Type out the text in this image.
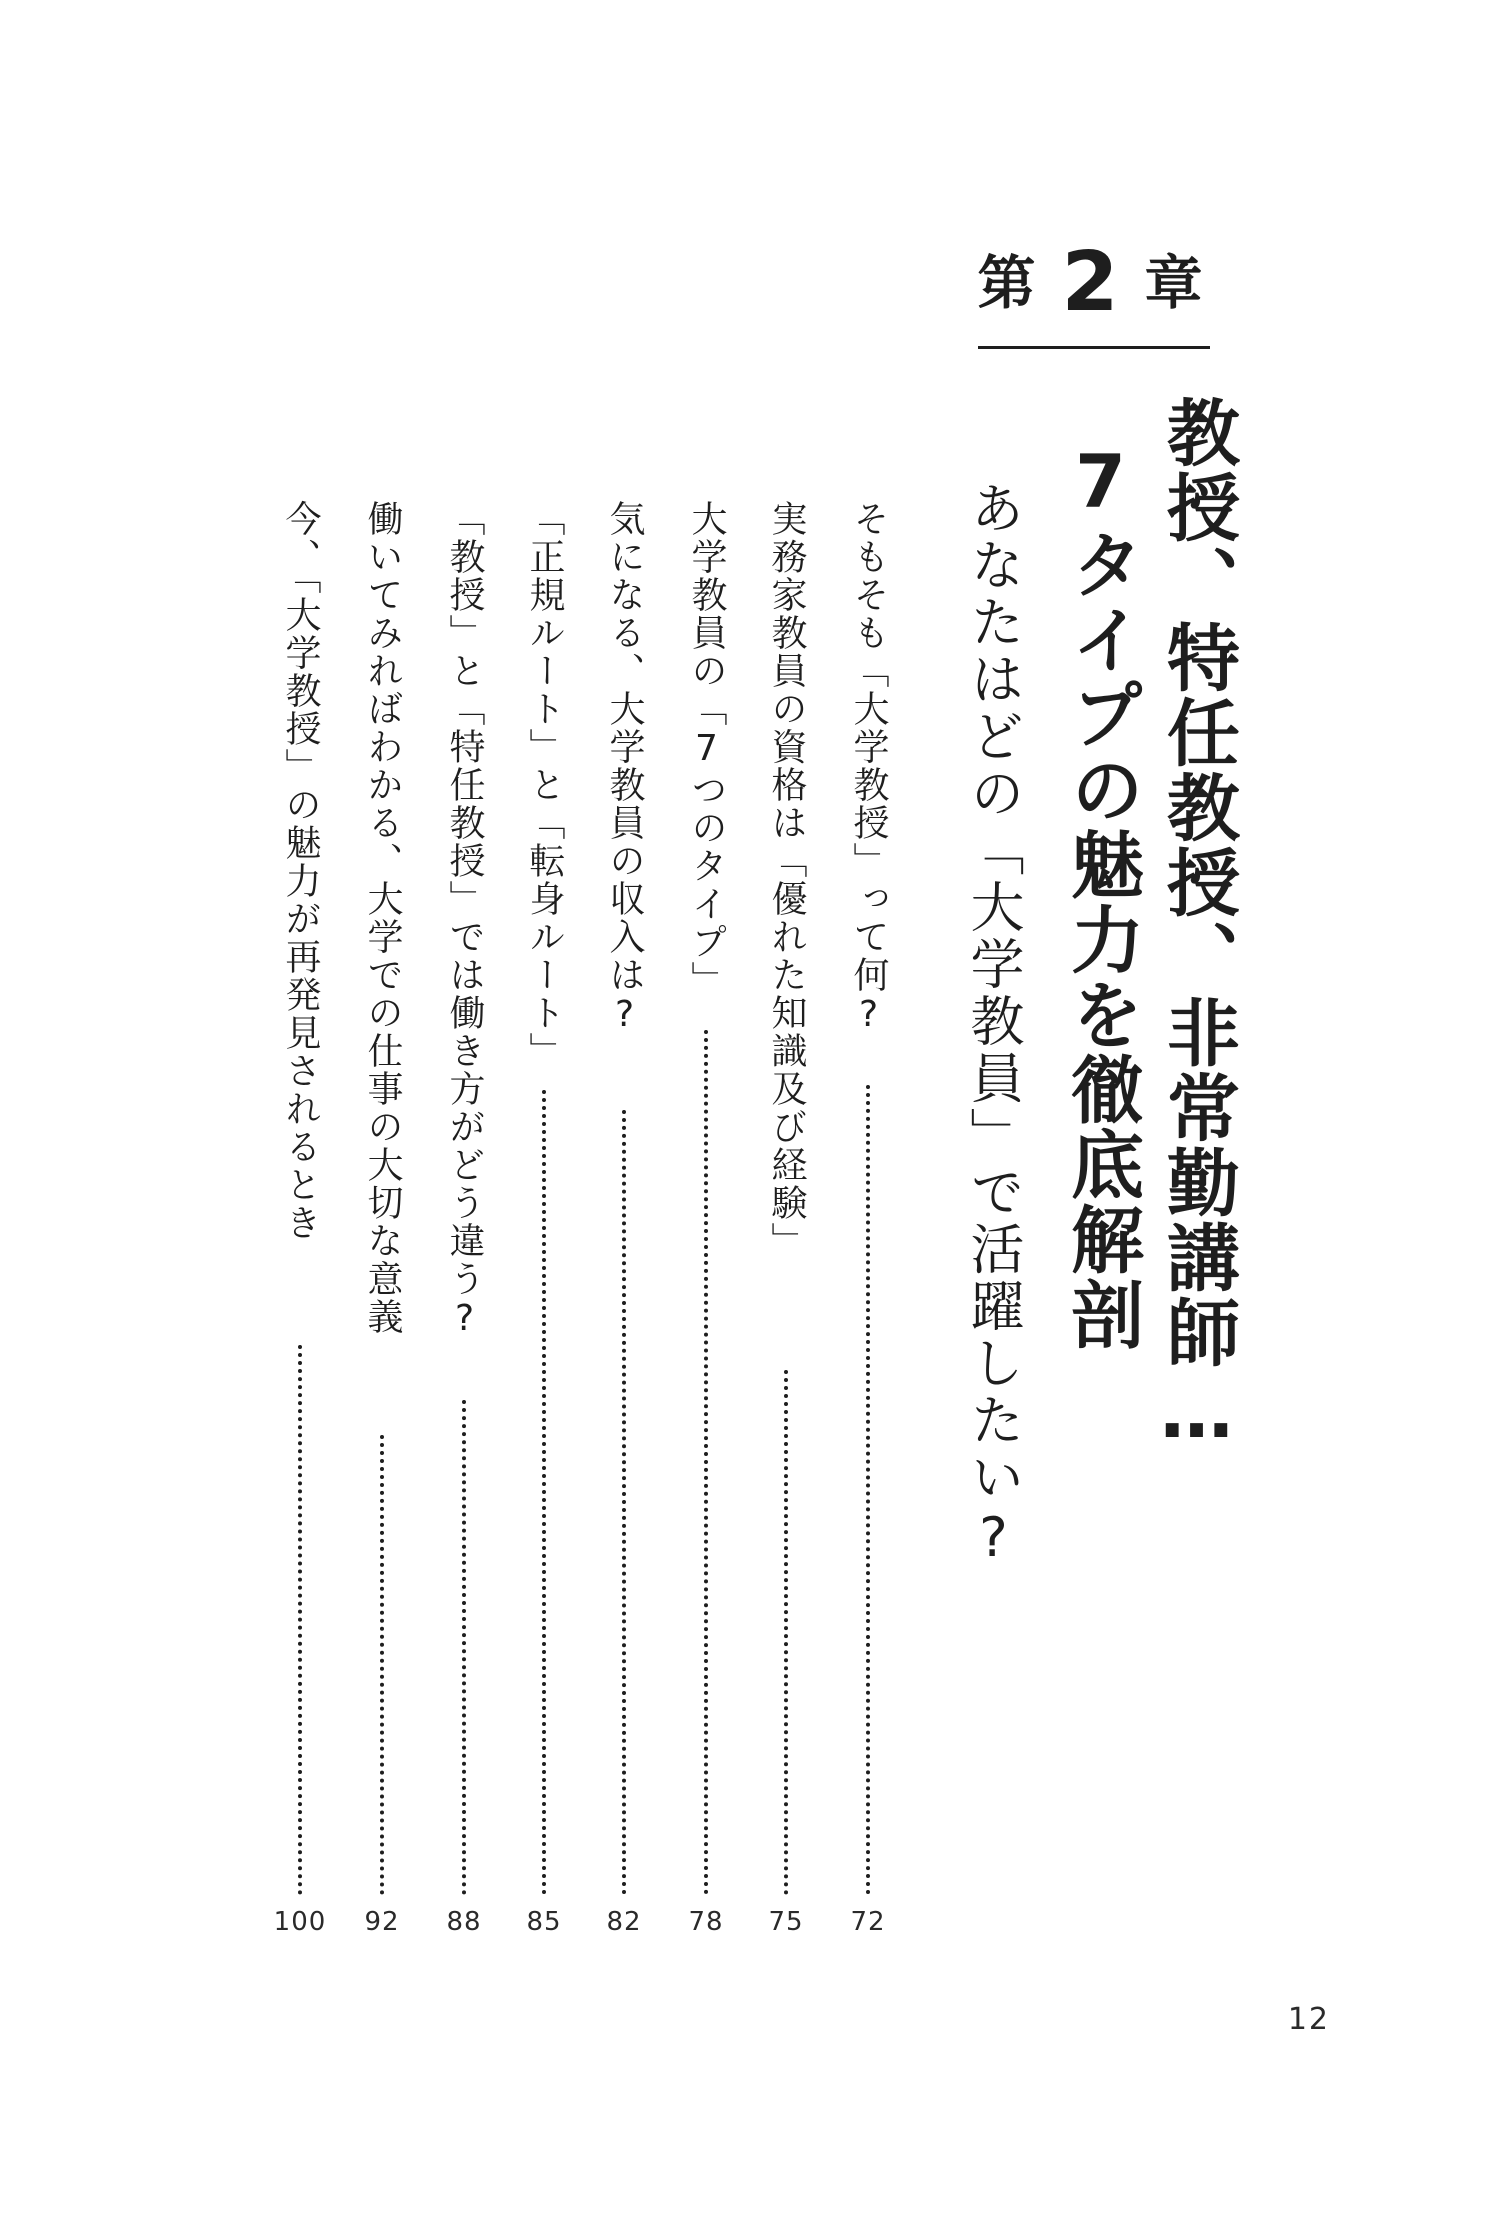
第 2 章
教授、特任教授、非常勤講師…
7タイプの魅力を徹底解剖
あなたはどの「大学教員」で活躍したい?
そもそも「大学教授」って何?
72
実務家教員の資格は「優れた知識及び経験」
75
大学教員の「7つのタイプ」
78
気になる、大学教員の収入は?
82
「正規ルート」と「転身ルート」
85
「教授」と「特任教授」では働き方がどう違う?
88
働いてみればわかる、大学での仕事の大切な意義
92
今、「大学教授」の魅力が再発見されるとき
100
12
